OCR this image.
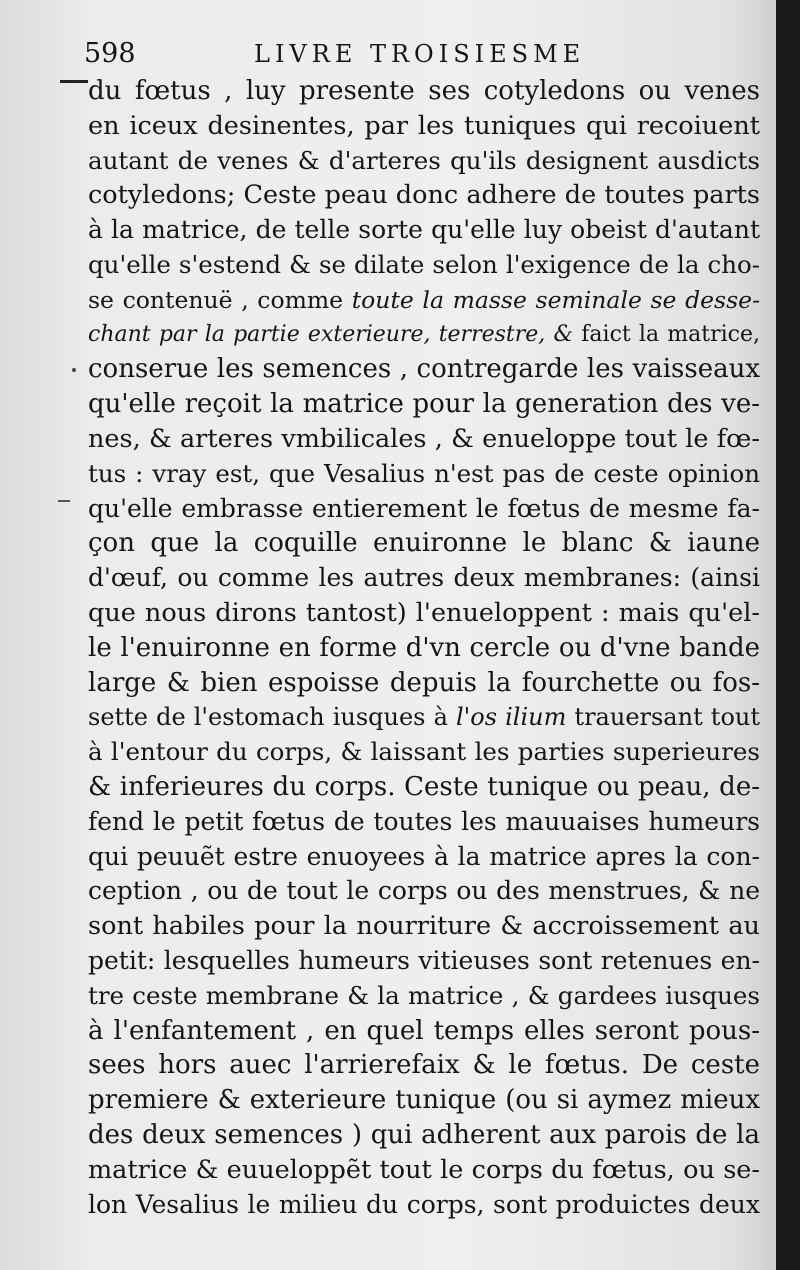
598	LIVRE TROISIESME
du fœtus , luy presente ses cotyledons ou venes
en iceux desinentes, par les tuniques qui recoiuent
autant de venes & d'arteres qu'ils designent ausdicts
cotyledons; Ceste peau donc adhere de toutes parts
à la matrice, de telle sorte qu'elle luy obeist d'autant
qu'elle s'estend & se dilate selon l'exigence de la cho-
se contenuë , comme toute la masse seminale se desse-
chant par la partie exterieure, terrestre, & faict la matrice,
conserue les semences , contregarde les vaisseaux
qu'elle reçoit la matrice pour la generation des ve-
nes, & arteres vmbilicales , & enueloppe tout le fœ-
tus : vray est, que Vesalius n'est pas de ceste opinion
qu'elle embrasse entierement le fœtus de mesme fa-
çon que la coquille enuironne le blanc & iaune
d'œuf, ou comme les autres deux membranes: (ainsi
que nous dirons tantost) l'enueloppent : mais qu'el-
le l'enuironne en forme d'vn cercle ou d'vne bande
large & bien espoisse depuis la fourchette ou fos-
sette de l'estomach iusques à l'os ilium trauersant tout
à l'entour du corps, & laissant les parties superieures
& inferieures du corps. Ceste tunique ou peau, de-
fend le petit fœtus de toutes les mauuaises humeurs
qui peuuẽt estre enuoyees à la matrice apres la con-
ception , ou de tout le corps ou des menstrues, & ne
sont habiles pour la nourriture & accroissement au
petit: lesquelles humeurs vitieuses sont retenues en-
tre ceste membrane & la matrice , & gardees iusques
à l'enfantement , en quel temps elles seront pous-
sees hors auec l'arrierefaix & le fœtus. De ceste
premiere & exterieure tunique (ou si aymez mieux
des deux semences ) qui adherent aux parois de la
matrice & euueloppẽt tout le corps du fœtus, ou se-
lon Vesalius le milieu du corps, sont produictes deux
